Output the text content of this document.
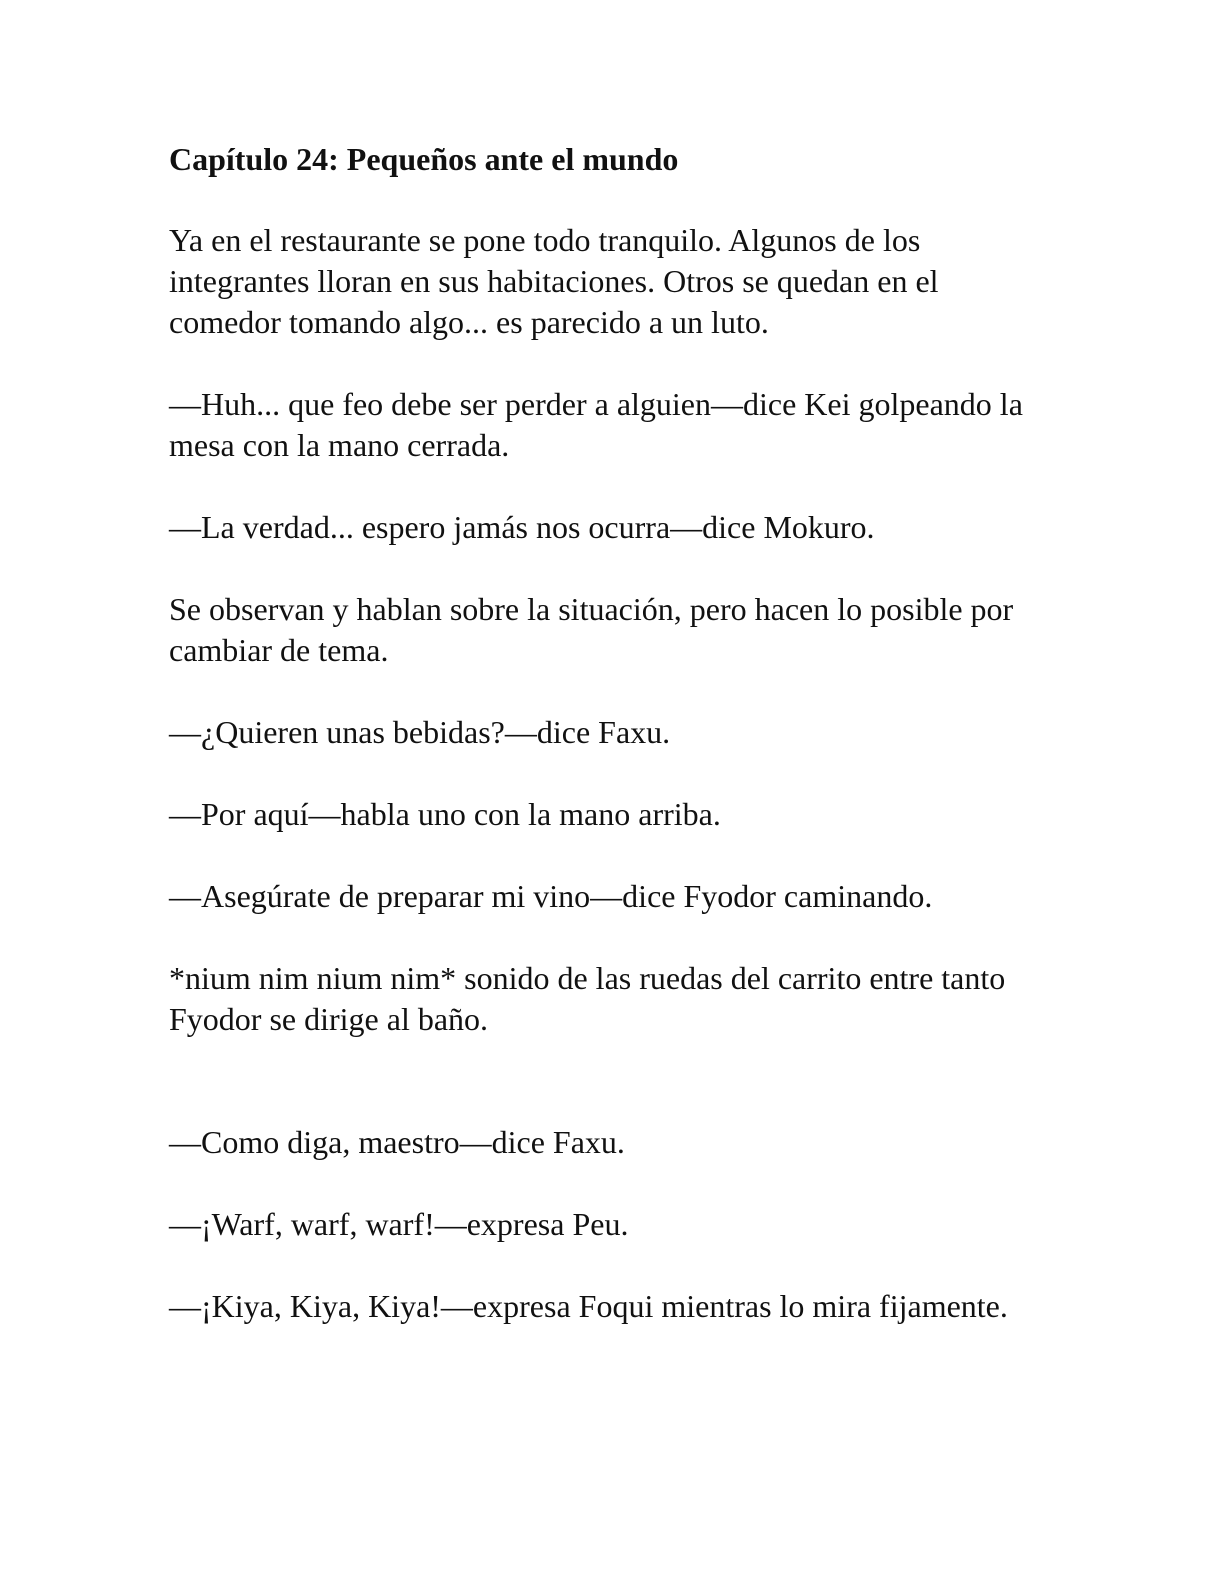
Capítulo 24: Pequeños ante el mundo

Ya en el restaurante se pone todo tranquilo. Algunos de los integrantes lloran en sus habitaciones. Otros se quedan en el comedor tomando algo... es parecido a un luto.

—Huh... que feo debe ser perder a alguien—dice Kei golpeando la mesa con la mano cerrada.

—La verdad... espero jamás nos ocurra—dice Mokuro.

Se observan y hablan sobre la situación, pero hacen lo posible por cambiar de tema.

—¿Quieren unas bebidas?—dice Faxu.

—Por aquí—habla uno con la mano arriba.

—Asegúrate de preparar mi vino—dice Fyodor caminando.

*nium nim nium nim* sonido de las ruedas del carrito entre tanto Fyodor se dirige al baño.

—Como diga, maestro—dice Faxu.

—¡Warf, warf, warf!—expresa Peu.

—¡Kiya, Kiya, Kiya!—expresa Foqui mientras lo mira fijamente.
